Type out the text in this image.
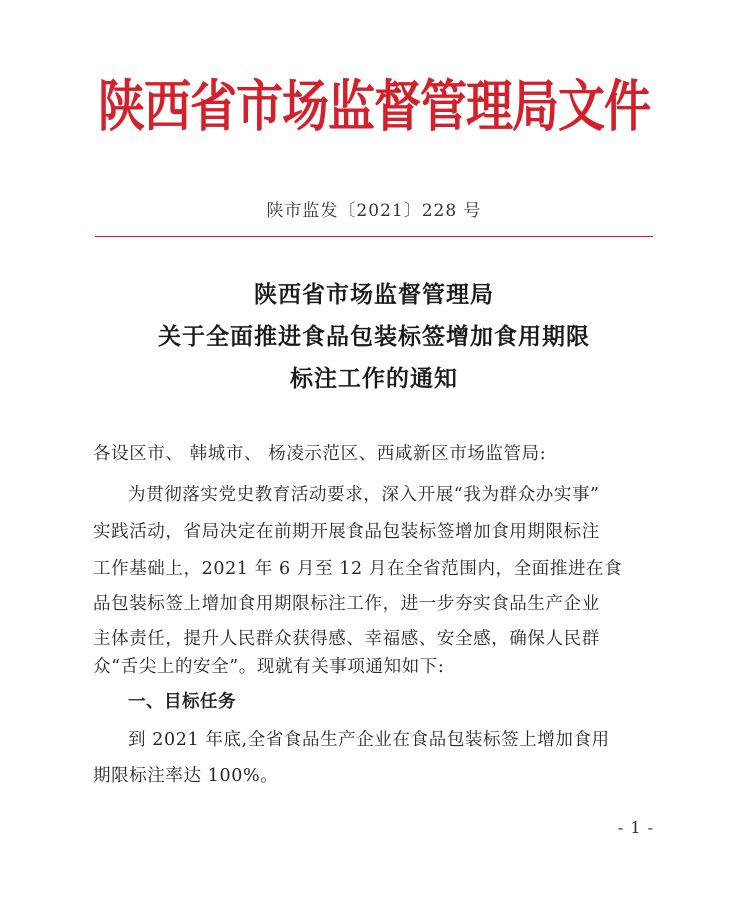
陕西省市场监督管理局文件
陕市监发〔2021〕228 号
陕西省市场监督管理局
关于全面推进食品包装标签增加食用期限
标注工作的通知
各设区市、 韩城市、 杨凌示范区、西咸新区市场监管局:
为贯彻落实党史教育活动要求，深入开展“我为群众办实事”
实践活动，省局决定在前期开展食品包装标签增加食用期限标注
工作基础上，2021 年 6 月至 12 月在全省范围内，全面推进在食
品包装标签上增加食用期限标注工作，进一步夯实食品生产企业
主体责任，提升人民群众获得感、幸福感、安全感，确保人民群
众“舌尖上的安全”。现就有关事项通知如下:
一、目标任务
到 2021 年底,全省食品生产企业在食品包装标签上增加食用
期限标注率达 100%。
- 1 -
